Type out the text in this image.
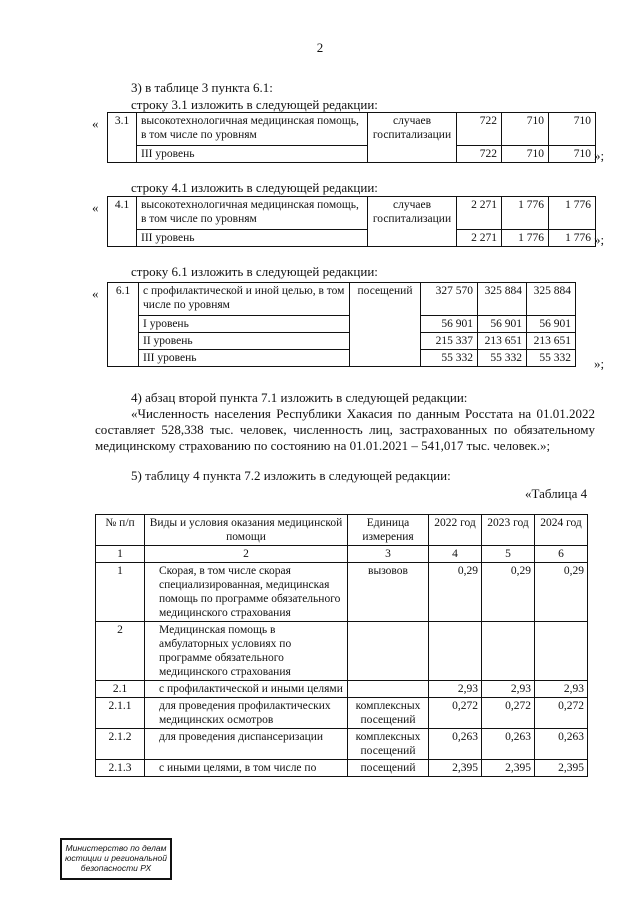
2
3) в таблице 3 пункта 6.1:
строку 3.1 изложить в следующей редакции:
« 3.1	высокотехнологичная медицинская помощь, в том числе по уровням	случаев госпитализации	722	710	710
	III уровень		722	710	710 »;
строку 4.1 изложить в следующей редакции:
« 4.1	высокотехнологичная медицинская помощь, в том числе по уровням	случаев госпитализации	2 271	1 776	1 776
	III уровень		2 271	1 776	1 776 »;
строку 6.1 изложить в следующей редакции:
« 6.1	с профилактической и иной целью, в том числе по уровням	посещений	327 570	325 884	325 884
	I уровень		56 901	56 901	56 901
	II уровень		215 337	213 651	213 651
	III уровень		55 332	55 332	55 332 »;
4) абзац второй пункта 7.1 изложить в следующей редакции:
«Численность населения Республики Хакасия по данным Росстата на 01.01.2022 составляет 528,338 тыс. человек, численность лиц, застрахованных по обязательному медицинскому страхованию по состоянию на 01.01.2021 – 541,017 тыс. человек.»;
5) таблицу 4 пункта 7.2 изложить в следующей редакции:
«Таблица 4
№ п/п	Виды и условия оказания медицинской помощи	Единица измерения	2022 год	2023 год	2024 год
1	2	3	4	5	6
1	Скорая, в том числе скорая специализированная, медицинская помощь по программе обязательного медицинского страхования	вызовов	0,29	0,29	0,29
2	Медицинская помощь в амбулаторных условиях по программе обязательного медицинского страхования				
2.1	с профилактической и иными целями		2,93	2,93	2,93
2.1.1	для проведения профилактических медицинских осмотров	комплексных посещений	0,272	0,272	0,272
2.1.2	для проведения диспансеризации	комплексных посещений	0,263	0,263	0,263
2.1.3	с иными целями, в том числе по	посещений	2,395	2,395	2,395
Министерство по делам юстиции и региональной безопасности РХ
